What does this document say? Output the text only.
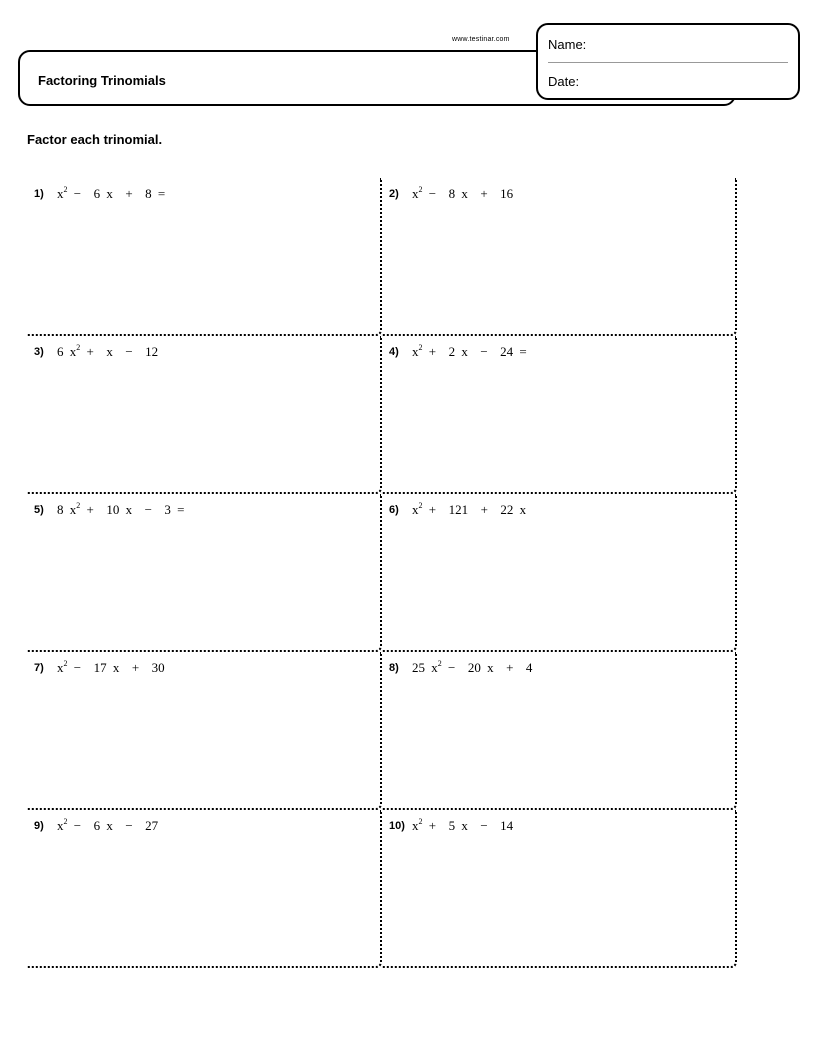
www.testinar.com
Factoring Trinomials
Name:
Date:
Factor each trinomial.
1) $x^2 - 6$ x  +  8 =	2) $x^2 - 8$ x  +  16
3) 6 $x^2 + x - 12$	4) $x^2 + 2$ x  −  24 =
5) 8 $x^2 + 10$ x  −  3 =	6) $x^2 + 121 + 22$ x
7) $x^2 - 17$ x  +  30	8) 25 $x^2 - 20$ x  +  4
9) $x^2 - 6$ x  −  27	10) $x^2 + 5$ x  −  14
